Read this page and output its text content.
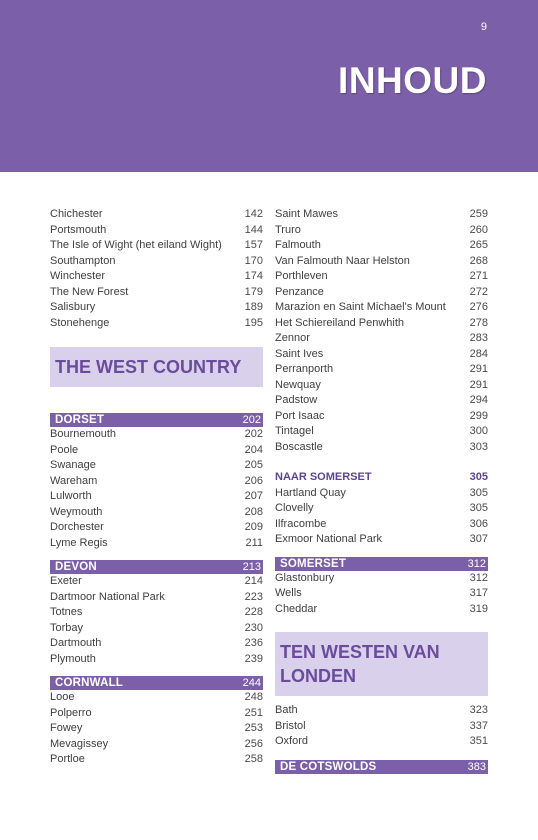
9
INHOUD
Chichester	142
Portsmouth	144
The Isle of Wight (het eiland Wight) 157
Southampton	170
Winchester	174
The New Forest	179
Salisbury	189
Stonehenge	195
THE WEST COUNTRY
DORSET	202
Bournemouth	202
Poole	204
Swanage	205
Wareham	206
Lulworth	207
Weymouth	208
Dorchester	209
Lyme Regis	211
DEVON	213
Exeter	214
Dartmoor National Park	223
Totnes	228
Torbay	230
Dartmouth	236
Plymouth	239
CORNWALL	244
Looe	248
Polperro	251
Fowey	253
Mevagissey	256
Portloe	258
Saint Mawes	259
Truro	260
Falmouth	265
Van Falmouth Naar Helston	268
Porthleven	271
Penzance	272
Marazion en Saint Michael's Mount 276
Het Schiereiland Penwhith	278
Zennor	283
Saint Ives	284
Perranporth	291
Newquay	291
Padstow	294
Port Isaac	299
Tintagel	300
Boscastle	303
NAAR SOMERSET	305
Hartland Quay	305
Clovelly	305
Ilfracombe	306
Exmoor National Park	307
SOMERSET	312
Glastonbury	312
Wells	317
Cheddar	319
TEN WESTEN VAN LONDEN
Bath	323
Bristol	337
Oxford	351
DE COTSWOLDS	383
